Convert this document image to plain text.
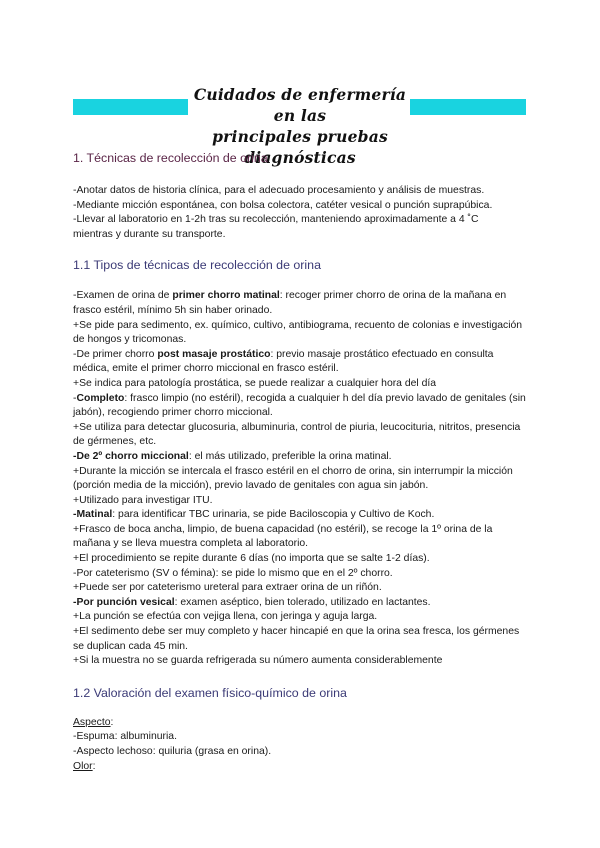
Cuidados de enfermería en las
principales pruebas diagnósticas
1. Técnicas de recolección de orina

-Anotar datos de historia clínica, para el adecuado procesamiento y análisis de muestras.

-Mediante micción espontánea, con bolsa colectora, catéter vesical o punción suprapúbica.

-Llevar al laboratorio en 1-2h tras su recolección, manteniendo aproximadamente a 4 ˚C

mientras y durante su transporte.

1.1 Tipos de técnicas de recolección de orina

-Examen de orina de primer chorro matinal: recoger primer chorro de orina de la mañana en frasco estéril, mínimo 5h sin haber orinado.

+Se pide para sedimento, ex. químico, cultivo, antibiograma, recuento de colonias e investigación de hongos y tricomonas.

-De primer chorro post masaje prostático: previo masaje prostático efectuado en consulta médica, emite el primer chorro miccional en frasco estéril.

+Se indica para patología prostática, se puede realizar a cualquier hora del día

-Completo: frasco limpio (no estéril), recogida a cualquier h del día previo lavado de genitales (sin jabón), recogiendo primer chorro miccional.

+Se utiliza para detectar glucosuria, albuminuria, control de piuria, leucocituria, nitritos, presencia de gérmenes, etc.

-De 2º chorro miccional: el más utilizado, preferible la orina matinal.

+Durante la micción se intercala el frasco estéril en el chorro de orina, sin interrumpir la micción (porción media de la micción), previo lavado de genitales con agua sin jabón.

+Utilizado para investigar ITU.

-Matinal: para identificar TBC urinaria, se pide Baciloscopia y Cultivo de Koch.

+Frasco de boca ancha, limpio, de buena capacidad (no estéril), se recoge la 1º orina de la mañana y se lleva muestra completa al laboratorio.

+El procedimiento se repite durante 6 días (no importa que se salte 1-2 días).

-Por cateterismo (SV o fémina): se pide lo mismo que en el 2º chorro.

+Puede ser por cateterismo ureteral para extraer orina de un riñón.

-Por punción vesical: examen aséptico, bien tolerado, utilizado en lactantes.

+La punción se efectúa con vejiga llena, con jeringa y aguja larga.

+El sedimento debe ser muy completo y hacer hincapié en que la orina sea fresca, los gérmenes se duplican cada 45 min.

+Si la muestra no se guarda refrigerada su número aumenta considerablemente

1.2 Valoración del examen físico-químico de orina

Aspecto:

-Espuma: albuminuria.

-Aspecto lechoso: quiluria (grasa en orina).

Olor:
